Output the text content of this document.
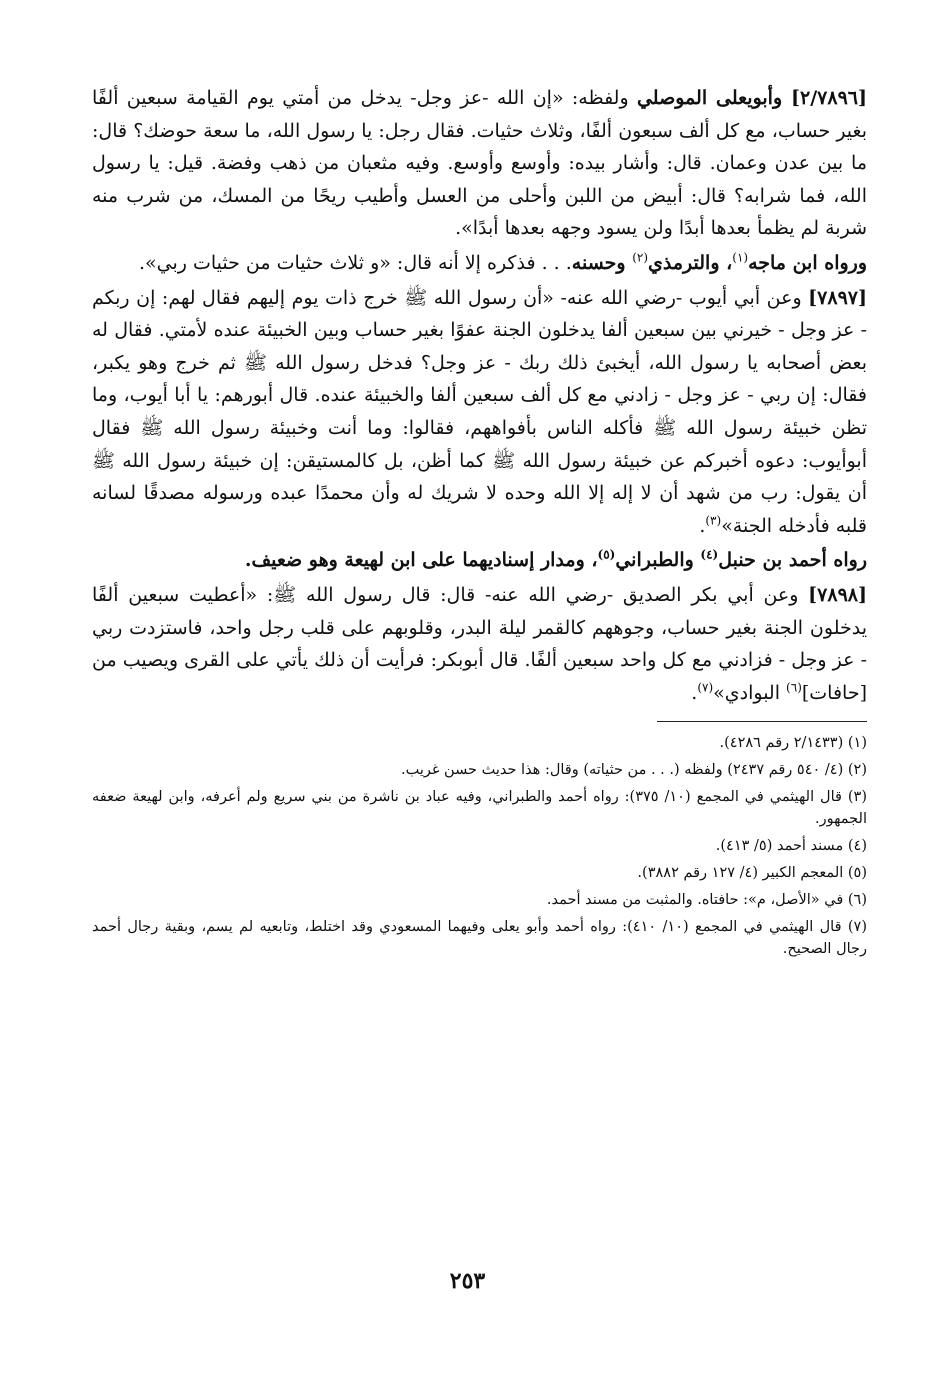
[٢/٧٨٩٦] وأبويعلى الموصلي ولفظه: «إن الله -عز وجل- يدخل من أمتي يوم القيامة سبعين ألفًا بغير حساب، مع كل ألف سبعون ألفًا، وثلاث حثيات. فقال رجل: يا رسول الله، ما سعة حوضك؟ قال: ما بين عدن وعمان. قال: وأشار بيده: وأوسع وأوسع. وفيه مثعبان من ذهب وفضة. قيل: يا رسول الله، فما شرابه؟ قال: أبيض من اللبن وأحلى من العسل وأطيب ريحًا من المسك، من شرب منه شربة لم يظمأ بعدها أبدًا ولن يسود وجهه بعدها أبدًا».

ورواه ابن ماجه$^{(١)}$، والترمذي$^{(٢)}$ وحسنه. . . فذكره إلا أنه قال: «و ثلاث حثيات من حثيات ربي».

[٧٨٩٧] وعن أبي أيوب -رضي الله عنه- «أن رسول الله ﷺ خرج ذات يوم إليهم فقال لهم: إن ربكم - عز وجل - خيرني بين سبعين ألفا يدخلون الجنة عفوًا بغير حساب وبين الخبيئة عنده لأمتي. فقال له بعض أصحابه يا رسول الله، أيخبئ ذلك ربك - عز وجل؟ فدخل رسول الله ﷺ ثم خرج وهو يكبر، فقال: إن ربي - عز وجل - زادني مع كل ألف سبعين ألفا والخبيئة عنده. قال أبورهم: يا أبا أيوب، وما تظن خبيئة رسول الله ﷺ فأكله الناس بأفواههم، فقالوا: وما أنت وخبيئة رسول الله ﷺ فقال أبوأيوب: دعوه أخبركم عن خبيئة رسول الله ﷺ كما أظن، بل كالمستيقن: إن خبيئة رسول الله ﷺ أن يقول: رب من شهد أن لا إله إلا الله وحده لا شريك له وأن محمدًا عبده ورسوله مصدقًا لسانه قلبه فأدخله الجنة»$^{(٣)}$.

رواه أحمد بن حنبل$^{(٤)}$ والطبراني$^{(٥)}$، ومدار إسناديهما على ابن لهيعة وهو ضعيف.

[٧٨٩٨] وعن أبي بكر الصديق -رضي الله عنه- قال: قال رسول الله ﷺ: «أعطيت سبعين ألفًا يدخلون الجنة بغير حساب، وجوههم كالقمر ليلة البدر، وقلوبهم على قلب رجل واحد، فاستزدت ربي - عز وجل - فزادني مع كل واحد سبعين ألفًا. قال أبوبكر: فرأيت أن ذلك يأتي على القرى ويصيب من [حافات]$^{(٦)}$ البوادي»$^{(٧)}$.

(١) (٢/١٤٣٣ رقم ٤٢٨٦).

(٢) (٤/ ٥٤٠ رقم ٢٤٣٧) ولفظه (. . . من حثياته) وقال: هذا حديث حسن غريب.

(٣) قال الهيثمي في المجمع (١٠/ ٣٧٥): رواه أحمد والطبراني، وفيه عباد بن ناشرة من بني سريع ولم أعرفه، وابن لهيعة ضعفه الجمهور.

(٤) مسند أحمد (٥/ ٤١٣).

(٥) المعجم الكبير (٤/ ١٢٧ رقم ٣٨٨٢).

(٦) في «الأصل، م»: حافتاه. والمثبت من مسند أحمد.

(٧) قال الهيثمي في المجمع (١٠/ ٤١٠): رواه أحمد وأبو يعلى وفيهما المسعودي وقد اختلط، وتابعيه لم يسم، وبقية رجال أحمد رجال الصحيح.

٢٥٣
